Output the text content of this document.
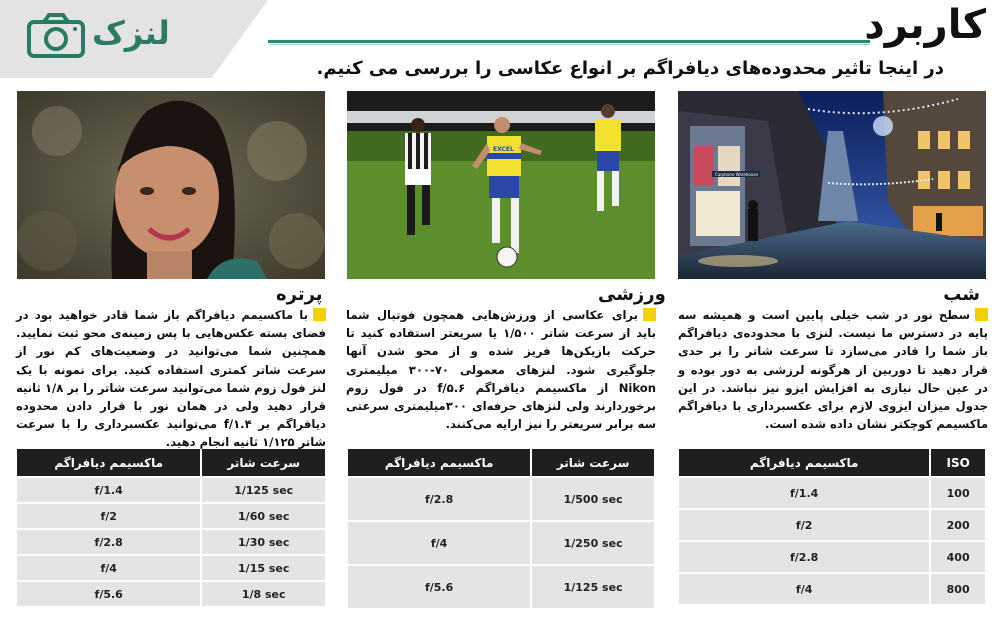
لنزک	کاربرد
در اینجا تاثیر محدوده‌های دیافراگم بر انواع عکاسی را بررسی می کنیم.
Carphone Warehouse
EXCEL
شب
سطح نور در شب خیلی پایین است و همیشه سه پایه در دسترس ما نیست. لنزی با محدوده‌ی دیافراگم باز شما را قادر می‌سازد تا سرعت شاتر را بر حدی قرار دهید تا دوربین از هرگونه لرزشی به دور بوده و در عین حال نیازی به افزایش ایزو نیز نباشد. در این جدول میزان ایزوی لازم برای عکسبرداری با دیافراگم ماکسیمم کوچکتر نشان داده شده است.
ورزشی
برای عکاسی از ورزش‌هایی همچون فوتبال شما باید از سرعت شاتر ۱/۵۰۰ یا سریعتر استفاده کنید تا حرکت بازیکن‌ها فریز شده و از محو شدن آنها جلوگیری شود. لنزهای معمولی ۷۰-۳۰۰ میلیمتری Nikon از ماکسیمم دیافراگم f/۵.۶ در فول زوم برخوردارند ولی لنزهای حرفه‌ای ۳۰۰میلیمتری سرعتی سه برابر سریعتر را نیز ارایه می‌کنند.
پرتره
با ماکسیمم دیافراگم باز شما قادر خواهید بود در فضای بسته عکس‌هایی با پس زمینه‌ی محو ثبت نمایید. همچنین شما می‌توانید در وضعیت‌های کم نور از سرعت شاتر کمتری استفاده کنید. برای نمونه با یک لنز فول زوم شما می‌توانید سرعت شاتر را بر ۱/۸ ثانیه قرار دهید ولی در همان نور با قرار دادن محدوده دیافراگم بر f/۱.۴ می‌توانید عکسبرداری را با سرعت شاتر ۱/۱۲۵ ثانیه انجام دهید.
ماکسیمم دیافراگم	ISO
f/1.4	100
f/2	200
f/2.8	400
f/4	800
ماکسیمم دیافراگم	سرعت شاتر
f/2.8	1/500 sec
f/4	1/250 sec
f/5.6	1/125 sec
ماکسیمم دیافراگم	سرعت شاتر
f/1.4	1/125 sec
f/2	1/60 sec
f/2.8	1/30 sec
f/4	1/15 sec
f/5.6	1/8 sec
